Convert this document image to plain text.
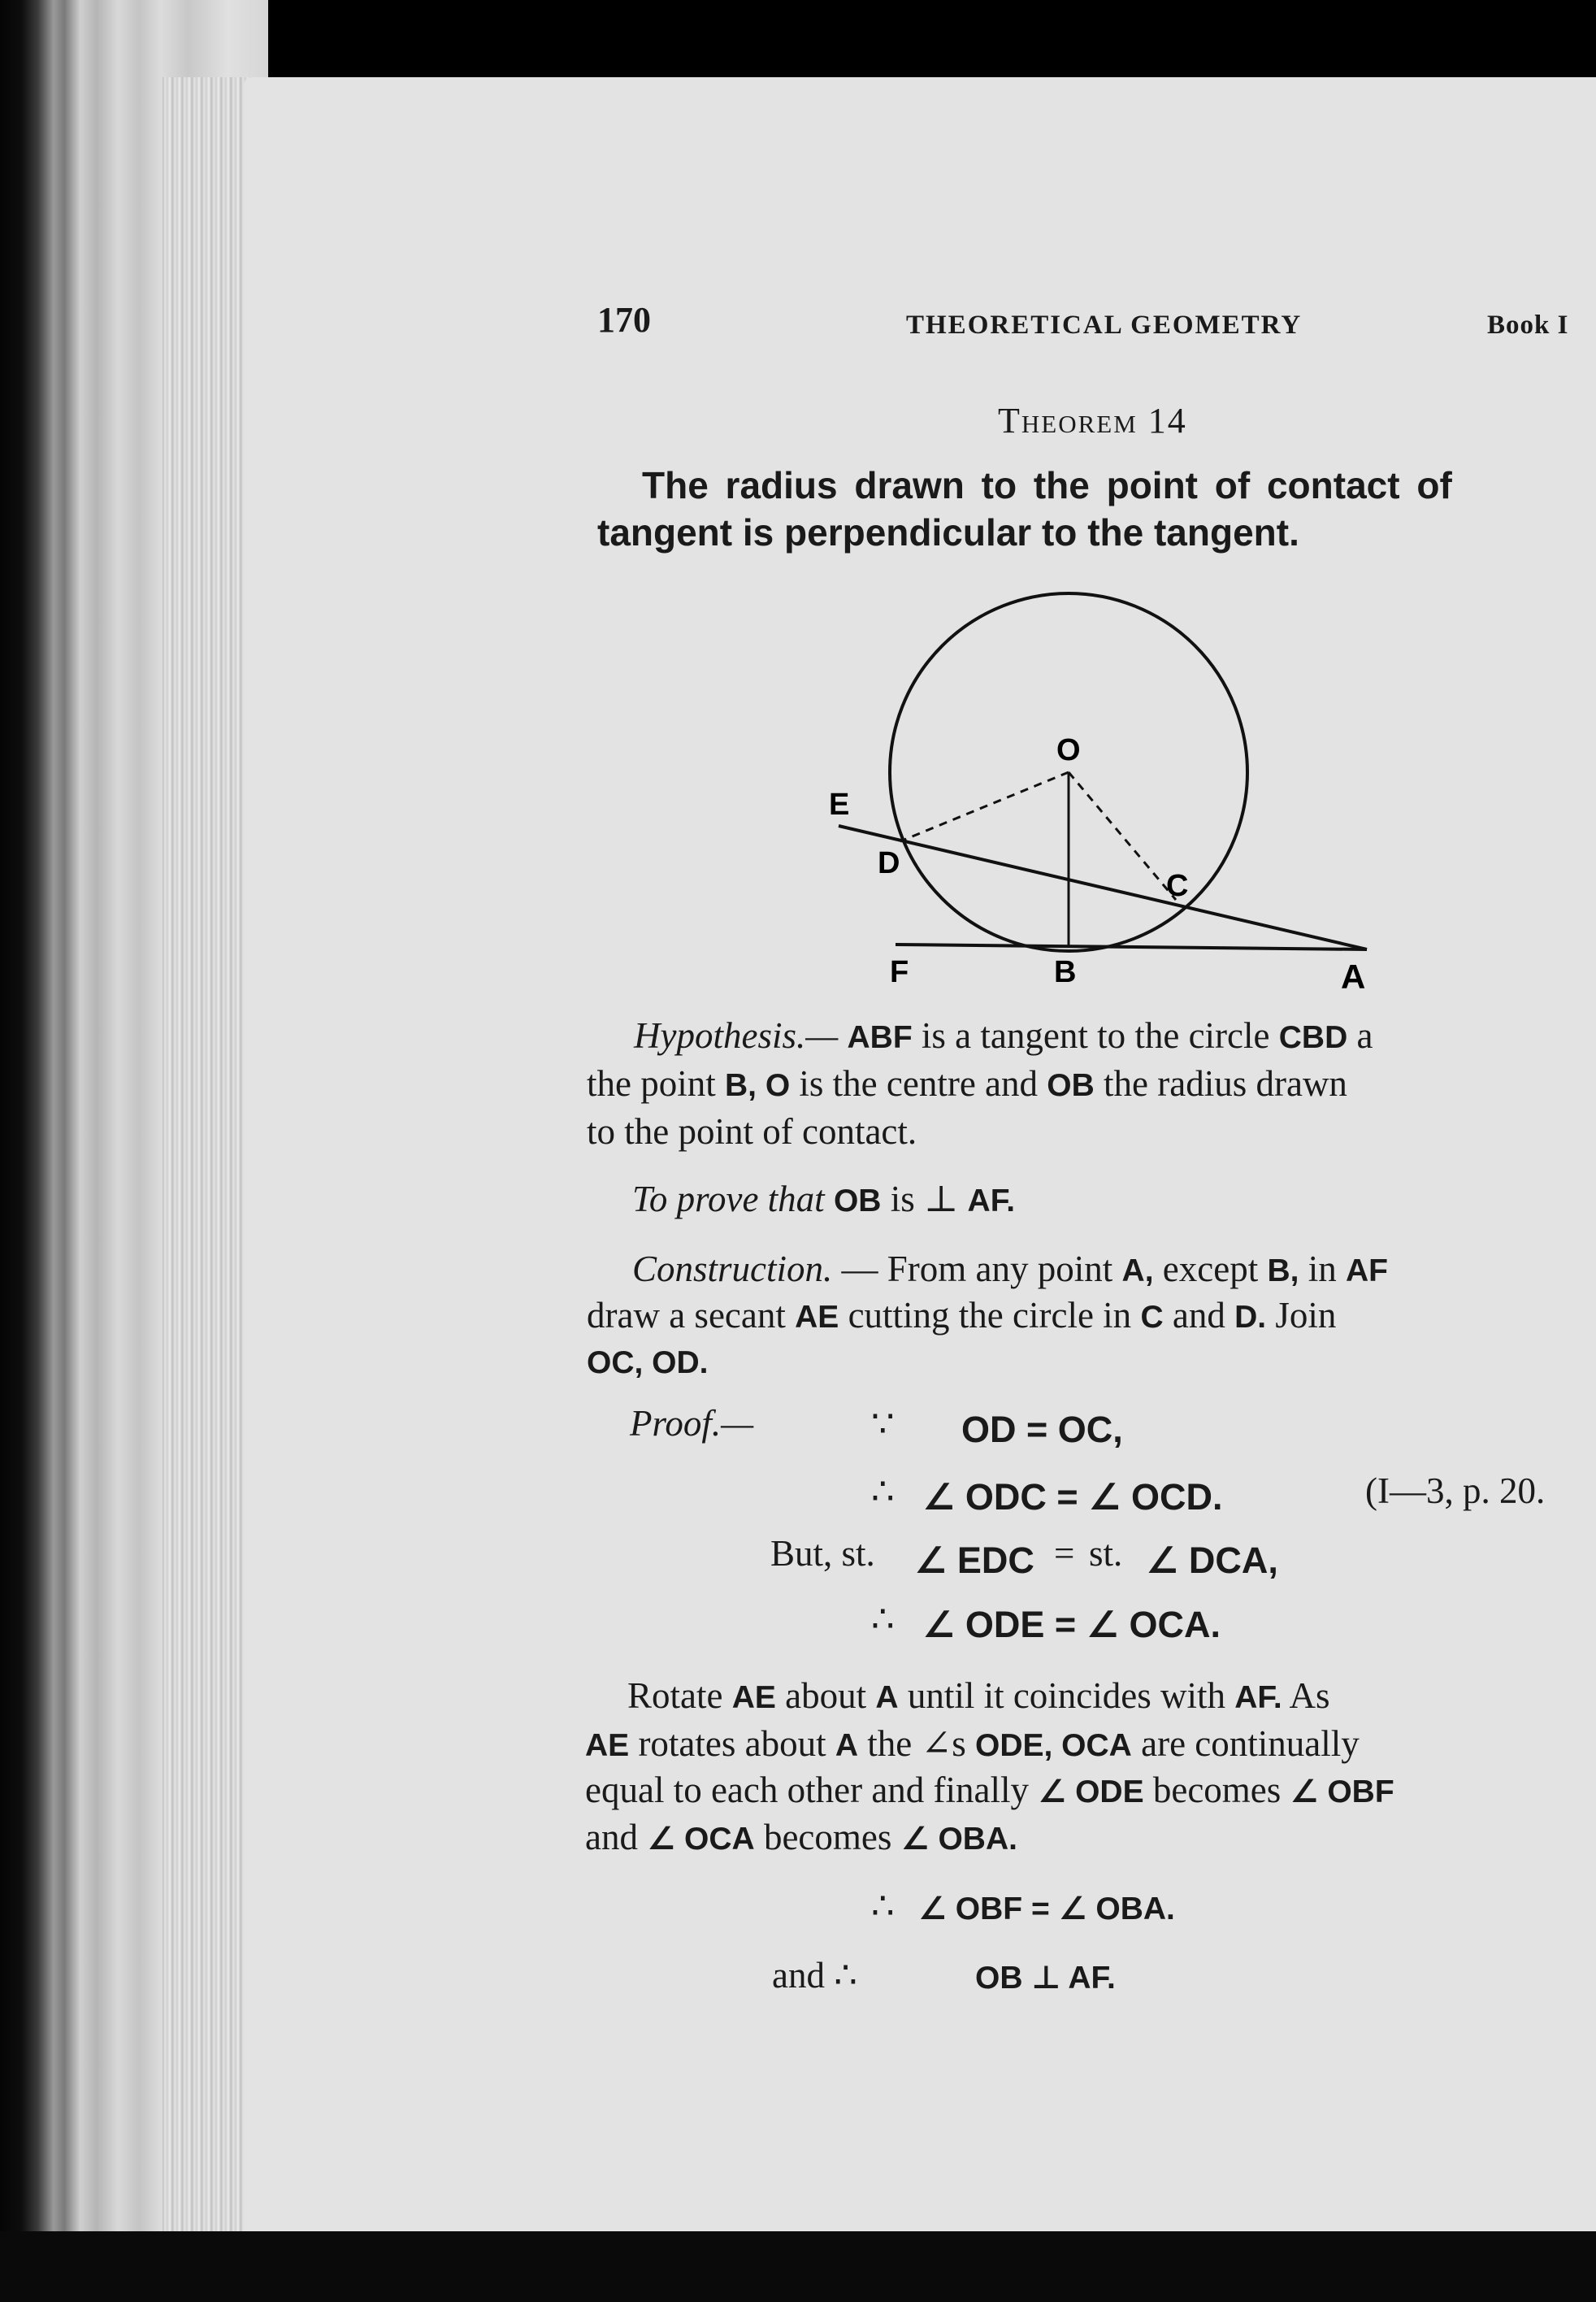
170	THEORETICAL GEOMETRY	Book I
Theorem 14
The radius drawn to the point of contact of
tangent is perpendicular to the tangent.
O
E
D
C
F	B	A
Hypothesis.— ABF is a tangent to the circle CBD a
the point B, O is the centre and OB the radius drawn
to the point of contact.
To prove that OB is ⊥ AF.
Construction. — From any point A, except B, in AF
draw a secant AE cutting the circle in C and D. Join
OC, OD.
Proof.—	∵ OD = OC,
∴ ∠ ODC = ∠ OCD.	(I—3, p. 20.
But, st. ∠ EDC = st. ∠ DCA,
∴ ∠ ODE = ∠ OCA.
Rotate AE about A until it coincides with AF. As
AE rotates about A the ∠s ODE, OCA are continually
equal to each other and finally ∠ ODE becomes ∠ OBF
and ∠ OCA becomes ∠ OBA.
∴ ∠ OBF = ∠ OBA.
and ∴	OB ⊥ AF.
